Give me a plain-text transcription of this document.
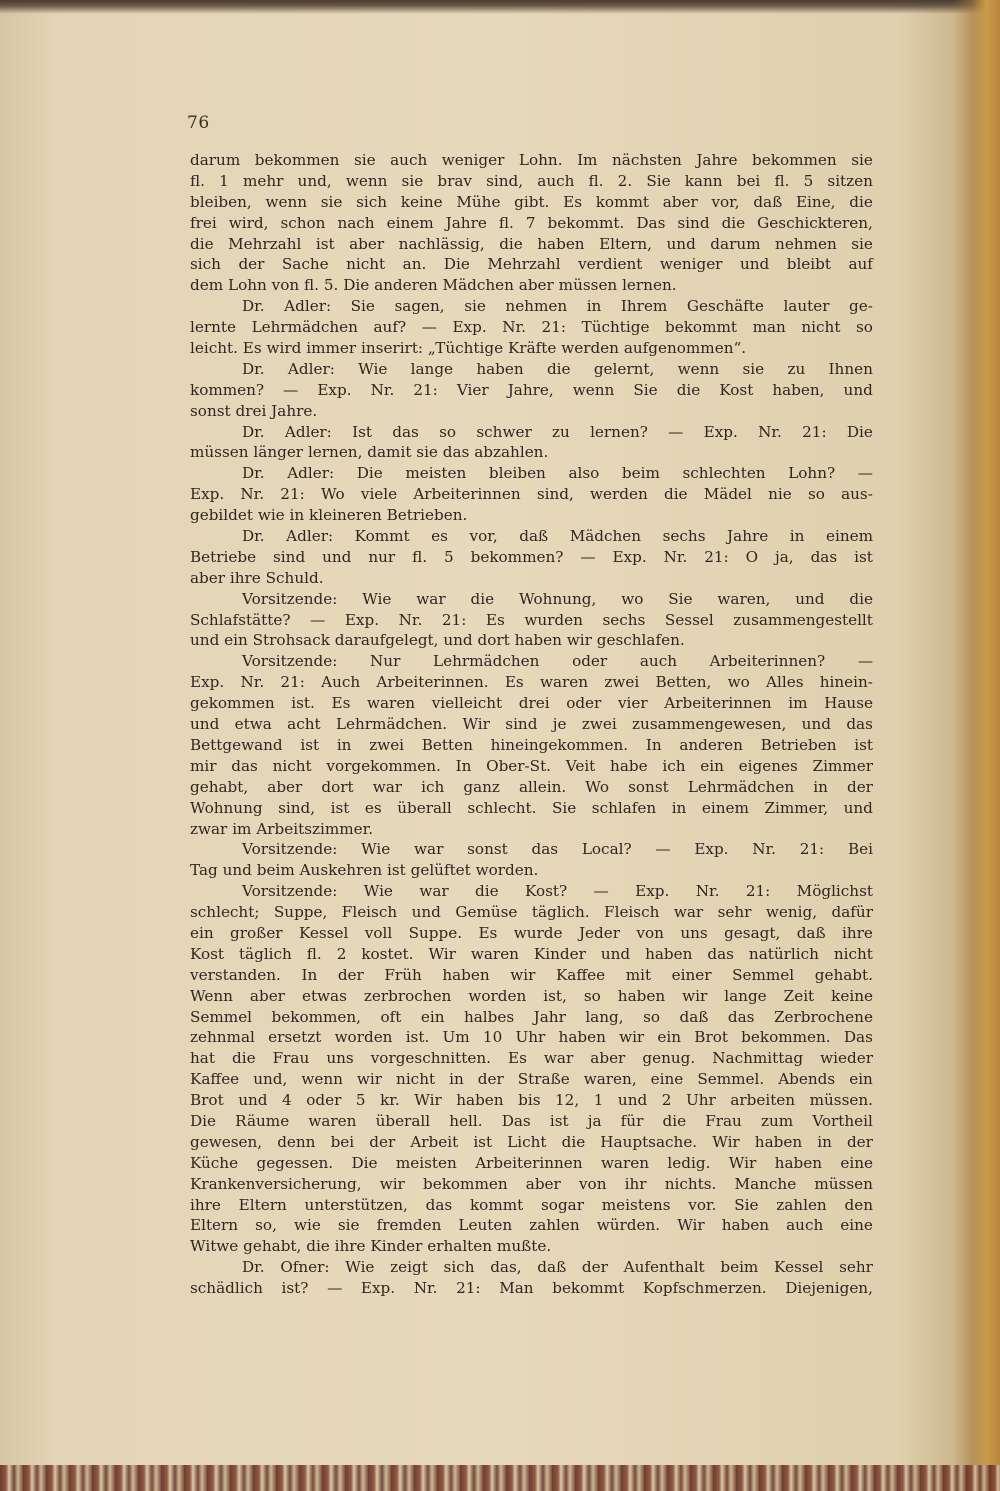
76
darum bekommen sie auch weniger Lohn. Im nächsten Jahre bekommen sie
fl. 1 mehr und, wenn sie brav sind, auch fl. 2. Sie kann bei fl. 5 sitzen
bleiben, wenn sie sich keine Mühe gibt. Es kommt aber vor, daß Eine, die
frei wird, schon nach einem Jahre fl. 7 bekommt. Das sind die Geschickteren,
die Mehrzahl ist aber nachlässig, die haben Eltern, und darum nehmen sie
sich der Sache nicht an. Die Mehrzahl verdient weniger und bleibt auf
dem Lohn von fl. 5. Die anderen Mädchen aber müssen lernen.
Dr. Adler: Sie sagen, sie nehmen in Ihrem Geschäfte lauter ge-
lernte Lehrmädchen auf? — Exp. Nr. 21: Tüchtige bekommt man nicht so
leicht. Es wird immer inserirt: „Tüchtige Kräfte werden aufgenommen“.
Dr. Adler: Wie lange haben die gelernt, wenn sie zu Ihnen
kommen? — Exp. Nr. 21: Vier Jahre, wenn Sie die Kost haben, und
sonst drei Jahre.
Dr. Adler: Ist das so schwer zu lernen? — Exp. Nr. 21: Die
müssen länger lernen, damit sie das abzahlen.
Dr. Adler: Die meisten bleiben also beim schlechten Lohn? —
Exp. Nr. 21: Wo viele Arbeiterinnen sind, werden die Mädel nie so aus-
gebildet wie in kleineren Betrieben.
Dr. Adler: Kommt es vor, daß Mädchen sechs Jahre in einem
Betriebe sind und nur fl. 5 bekommen? — Exp. Nr. 21: O ja, das ist
aber ihre Schuld.
Vorsitzende: Wie war die Wohnung, wo Sie waren, und die
Schlafstätte? — Exp. Nr. 21: Es wurden sechs Sessel zusammengestellt
und ein Strohsack daraufgelegt, und dort haben wir geschlafen.
Vorsitzende: Nur Lehrmädchen oder auch Arbeiterinnen? —
Exp. Nr. 21: Auch Arbeiterinnen. Es waren zwei Betten, wo Alles hinein-
gekommen ist. Es waren vielleicht drei oder vier Arbeiterinnen im Hause
und etwa acht Lehrmädchen. Wir sind je zwei zusammengewesen, und das
Bettgewand ist in zwei Betten hineingekommen. In anderen Betrieben ist
mir das nicht vorgekommen. In Ober-St. Veit habe ich ein eigenes Zimmer
gehabt, aber dort war ich ganz allein. Wo sonst Lehrmädchen in der
Wohnung sind, ist es überall schlecht. Sie schlafen in einem Zimmer, und
zwar im Arbeitszimmer.
Vorsitzende: Wie war sonst das Local? — Exp. Nr. 21: Bei
Tag und beim Auskehren ist gelüftet worden.
Vorsitzende: Wie war die Kost? — Exp. Nr. 21: Möglichst
schlecht; Suppe, Fleisch und Gemüse täglich. Fleisch war sehr wenig, dafür
ein großer Kessel voll Suppe. Es wurde Jeder von uns gesagt, daß ihre
Kost täglich fl. 2 kostet. Wir waren Kinder und haben das natürlich nicht
verstanden. In der Früh haben wir Kaffee mit einer Semmel gehabt.
Wenn aber etwas zerbrochen worden ist, so haben wir lange Zeit keine
Semmel bekommen, oft ein halbes Jahr lang, so daß das Zerbrochene
zehnmal ersetzt worden ist. Um 10 Uhr haben wir ein Brot bekommen. Das
hat die Frau uns vorgeschnitten. Es war aber genug. Nachmittag wieder
Kaffee und, wenn wir nicht in der Straße waren, eine Semmel. Abends ein
Brot und 4 oder 5 kr. Wir haben bis 12, 1 und 2 Uhr arbeiten müssen.
Die Räume waren überall hell. Das ist ja für die Frau zum Vortheil
gewesen, denn bei der Arbeit ist Licht die Hauptsache. Wir haben in der
Küche gegessen. Die meisten Arbeiterinnen waren ledig. Wir haben eine
Krankenversicherung, wir bekommen aber von ihr nichts. Manche müssen
ihre Eltern unterstützen, das kommt sogar meistens vor. Sie zahlen den
Eltern so, wie sie fremden Leuten zahlen würden. Wir haben auch eine
Witwe gehabt, die ihre Kinder erhalten mußte.
Dr. Ofner: Wie zeigt sich das, daß der Aufenthalt beim Kessel sehr
schädlich ist? — Exp. Nr. 21: Man bekommt Kopfschmerzen. Diejenigen,
